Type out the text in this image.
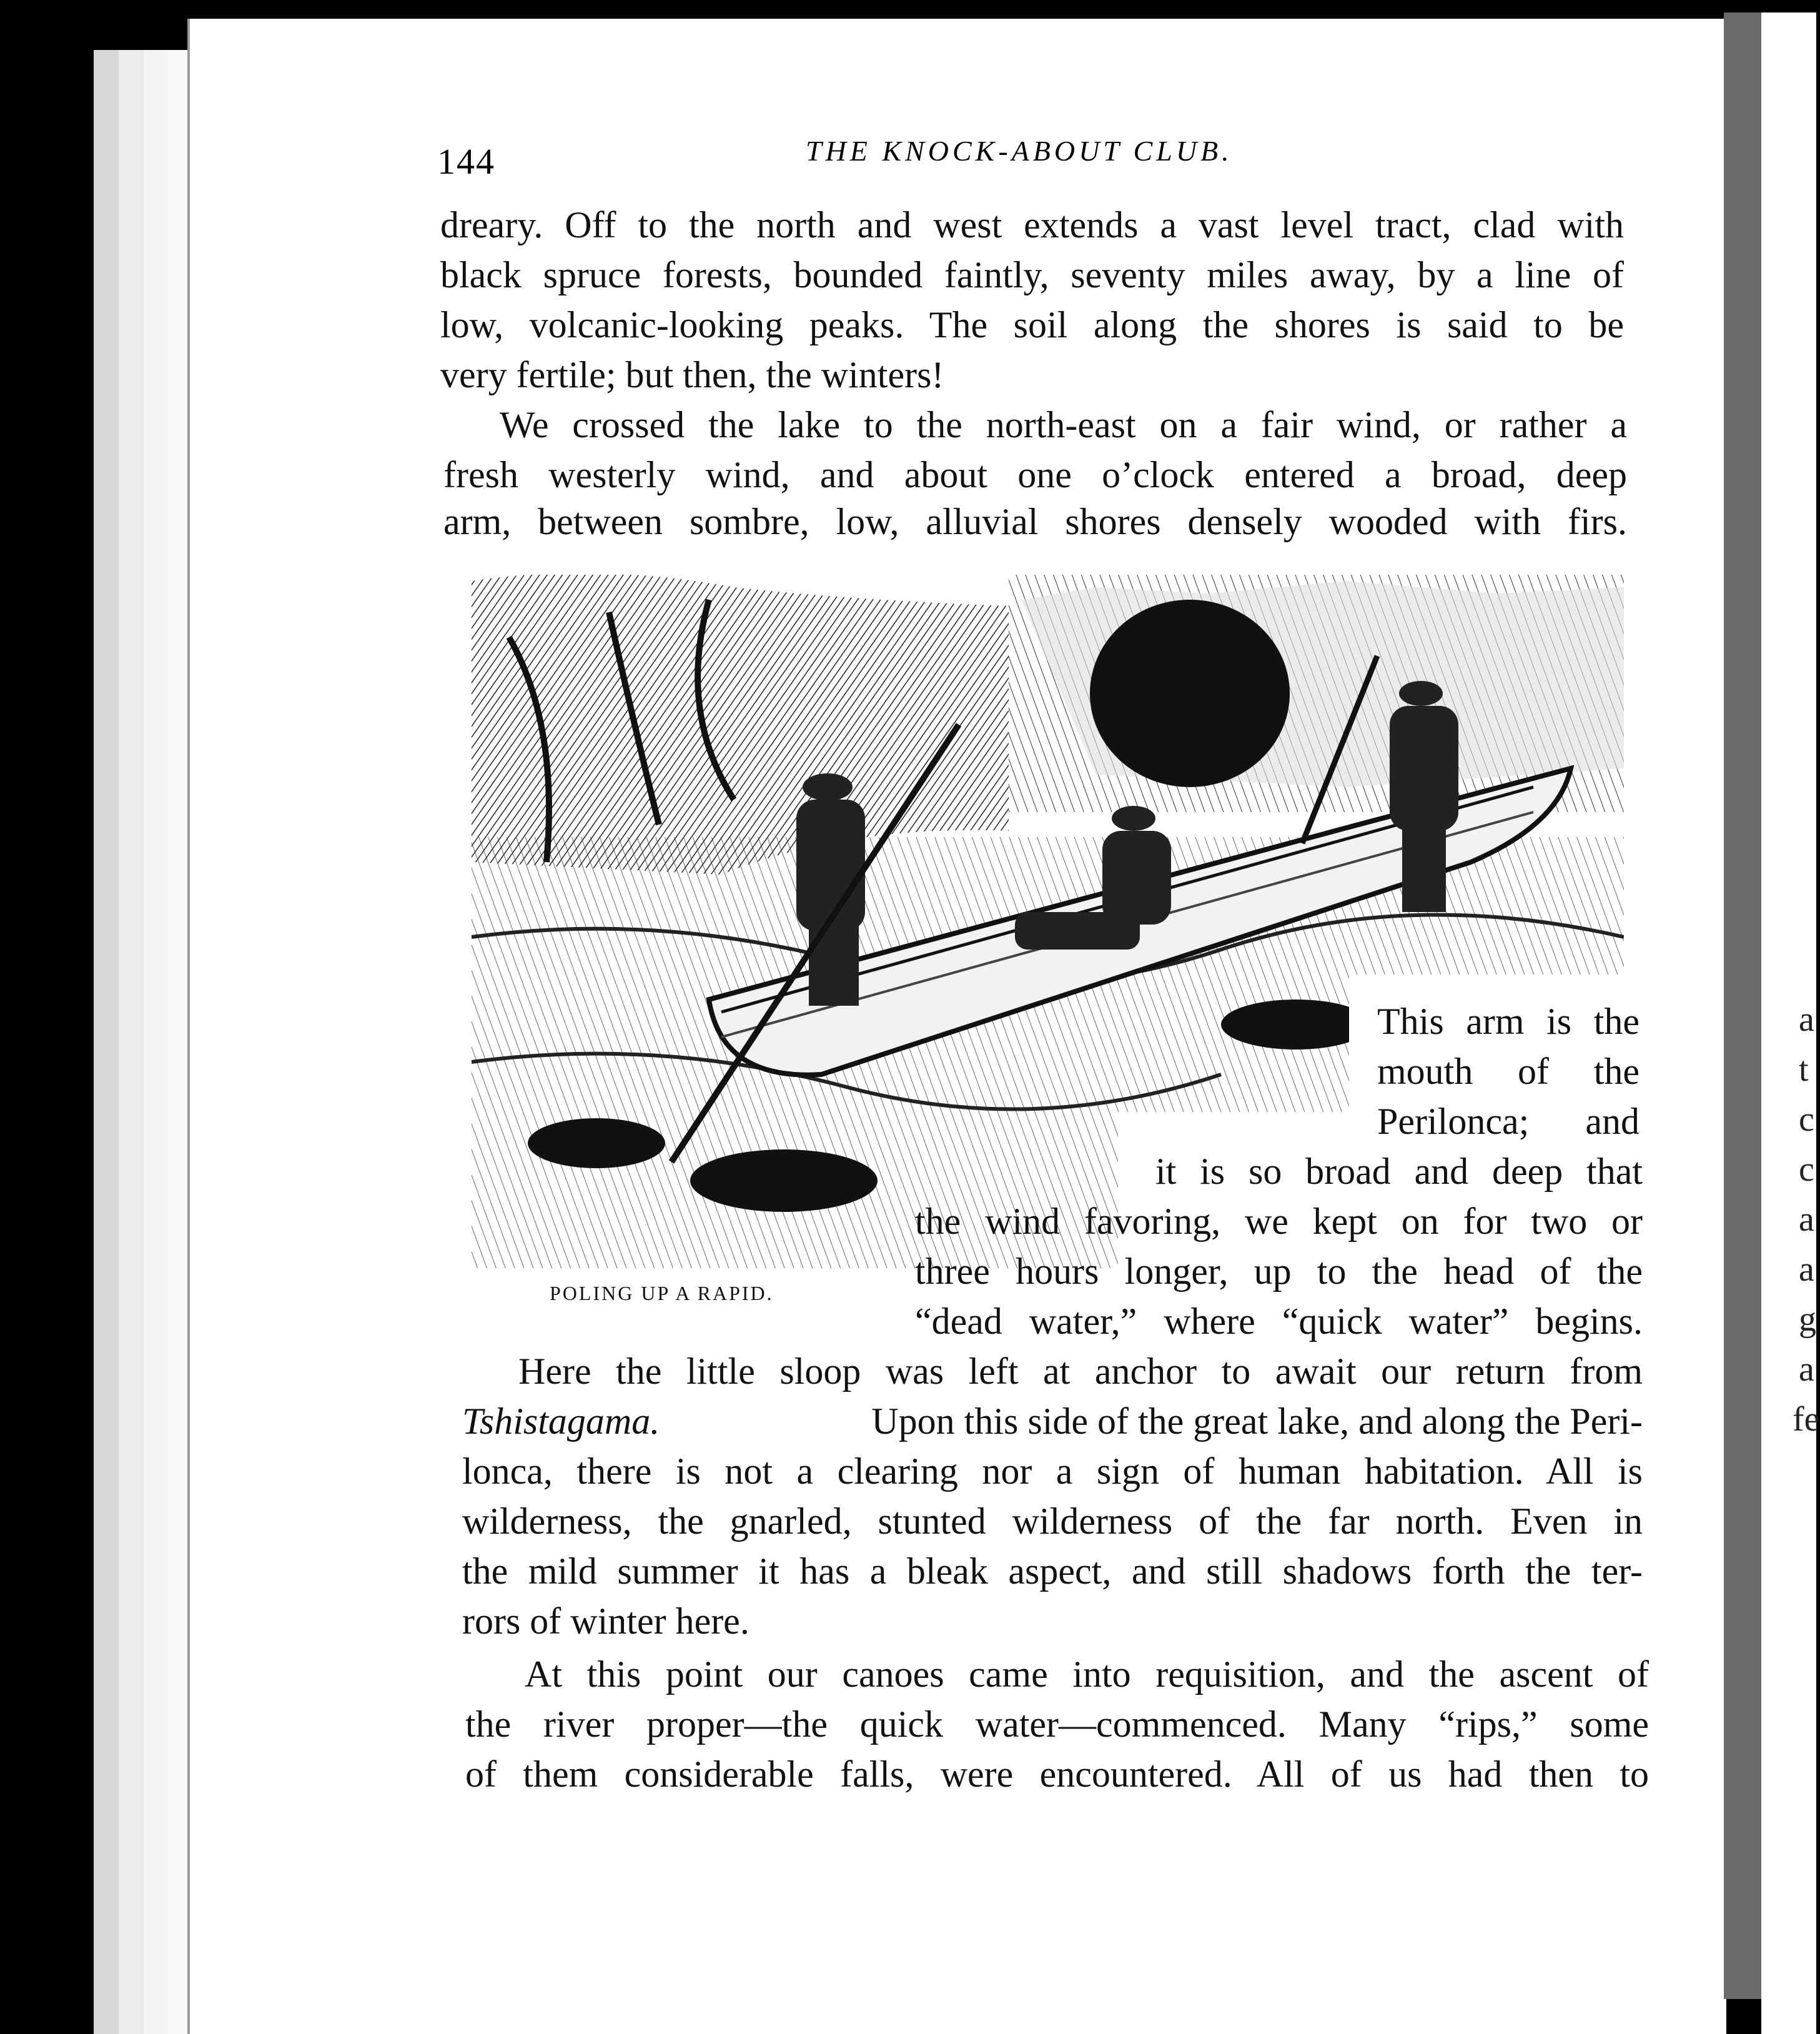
a
t
c
c
a
a
g
a
fe
144	THE KNOCK-ABOUT CLUB.
dreary. Off to the north and west extends a vast level tract, clad with
black spruce forests, bounded faintly, seventy miles away, by a line of
low, volcanic-looking peaks. The soil along the shores is said to be
very fertile; but then, the winters!
We crossed the lake to the north-east on a fair wind, or rather a
fresh westerly wind, and about one o’clock entered a broad, deep
arm, between sombre, low, alluvial shores densely wooded with firs.
POLING UP A RAPID.
This arm is the
mouth of the
Perilonca; and
it is so broad and deep that
the wind favoring, we kept on for two or
three hours longer, up to the head of the
“dead water,” where “quick water” begins.
Here the little sloop was left at anchor to await our return from
Tshistagama.	Upon this side of the great lake, and along the Peri-
lonca, there is not a clearing nor a sign of human habitation. All is
wilderness, the gnarled, stunted wilderness of the far north. Even in
the mild summer it has a bleak aspect, and still shadows forth the ter-
rors of winter here.
At this point our canoes came into requisition, and the ascent of
the river proper—the quick water—commenced. Many “rips,” some
of them considerable falls, were encountered. All of us had then to
